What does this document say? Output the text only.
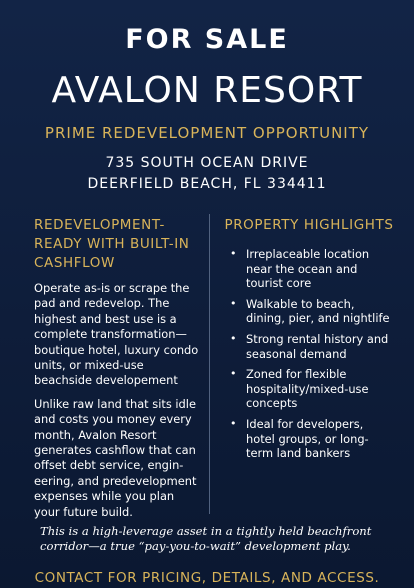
FOR SALE
AVALON RESORT
PRIME REDEVELOPMENT OPPORTUNITY
735 SOUTH OCEAN DRIVE
DEERFIELD BEACH, FL 334411
REDEVELOPMENT-READY WITH BUILT-IN CASHFLOW

Operate as-is or scrape the pad and redevelop. The highest and best use is a complete transformation—boutique hotel, luxury condo units, or mixed-use beachside developement

Unlike raw land that sits idle and costs you money every month, Avalon Resort generates cashflow that can offset debt service, engin-eering, and predevelopment expenses while you plan your future build.

PROPERTY HIGHLIGHTS
• Irreplaceable location near the ocean and tourist core
• Walkable to beach, dining, pier, and nightlife
• Strong rental history and seasonal demand
• Zoned for flexible hospitality/mixed-use concepts
• Ideal for developers, hotel groups, or long-term land bankers
This is a high-leverage asset in a tightly held beachfront corridor—a true “pay-you-to-wait” development play.
CONTACT FOR PRICING, DETAILS, AND ACCESS.
